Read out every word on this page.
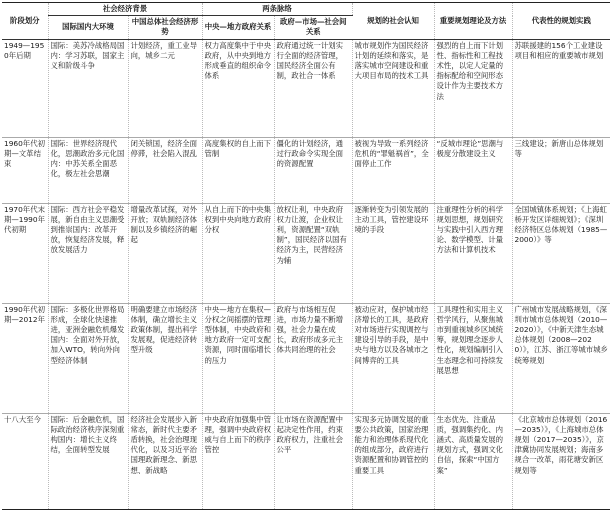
阶段划分	社会经济背景		两条脉络		规划的社会认知	重要规划理论及方法	代表性的规划实践
	国际国内大环境	中国总体社会经济形势	中央—地方政府关系	政府—市场—社会间关系			
1949—1950年后期	国际：美苏冷战格局国内：学习苏联，国家主义和阶级斗争	计划经济，重工业导向，城乡二元	权力高度集中于中央政府，从中央到地方形成垂直的组织命令体系	政府通过统一计划实行全面的经济管理，国民经济全面公有制，政社合一体系	城市规划作为国民经济计划的延续和落实，是落实城市空间建设和重大项目布局的技术工具	强烈的自上而下计划性、指标性和工程技术性，以定人定量的指标配给和空间形态设计作为主要技术方法	苏联援建的156个工业建设项目和相应的重要城市规划
1960年代初期—文革结束	国际：世界经济现代化，思潮政治多元化国内：中苏关系全面恶化，极左社会思潮	闭关锁国，经济全面停滞，社会陷入混乱	高度集权的自上而下管制	僵化的计划经济，通过行政命令实现全面的资源配置	被视为导致一系列经济危机的“罪魁祸首”，全面停止工作	“反城市理论”思潮与极度分散建设主义	三线建设；新唐山总体规划等
1970年代末期—1990年代初期	国际：西方社会平稳发展，新自由主义思潮受到推崇国内：改革开放，恢复经济发展，释放发展活力	增量改革试探，对外开放；双轨制经济体制以及乡镇经济的崛起	从自上而下的中央集权到中央向地方政府分权	放权让利，中央政府权力让渡，企业权让利，资源配置“双轨制”，国民经济以国有经济为主，民营经济为辅	逐渐转变为引领发展的主动工具，管控建设环境的手段	注重理性分析的科学规划思想，规划研究与实践中引入西方理论、数学模型、计量方法和计算机技术	全国城镇体系规划；《上海虹桥开发区详细规划》；《深圳经济特区总体规划（1985—2000）》等
1990年代初期—2012年	国际：多极化世界格局形成，全球化快速推进，亚洲金融危机爆发国内：全面对外开放，加入WTO，转向外向型经济体制	明确要建立市场经济体制，确立增长主义政策体制，提出科学发展观，促进经济转型升级	中央—地方在集权—分权之间摇摆的管理型体制，中央政府和地方政府一定可支配资源，同时面临增长的压力	政府与市场相互促进，市场力量不断增强，社会力量在成长，政府形成多元主体共同治理的社会	被动应对，保护城市经济增长的工具，是政府对市场进行实现调控与建设引导的手段，是中央与地方以及各城市之间博弈的工具	工具理性和实用主义哲学风行，从聚焦城市到重视城乡区域统筹，规划理念逐步人性化，规划编制引入生态理念和可持续发展思想	广州城市发展战略规划，《深圳市城市总体规划（2010—2020）》，《中新天津生态城总体规划（2008—2020）》，江苏、浙江等城市城乡统筹规划
十八大至今	国际：后金融危机，国际政治经济秩序深刻重构国内：增长主义终结，全面转型发展	经济社会发展步入新常态，新时代主要矛盾转换，社会治理现代化，以及习近平治国理政新理念、新思想、新战略	中央政府加强集中管理，强调中央政府权威与自上而下的秩序管控	让市场在资源配置中起决定性作用，约束政府权力，注重社会公平	实现多元协调发展的重要公共政策，国家治理能力和治理体系现代化的组成部分，政府进行资源配置和协调管控的重要工具	生态优先、注重品质，强调集约化、内涵式、高质量发展的规划方式，强调文化自信，探索“中国方案”	《北京城市总体规划（2016—2035）》，《上海城市总体规划（2017—2035）》，京津冀协同发展规划；海南多规合一改革，雨花塘安新区规划等
